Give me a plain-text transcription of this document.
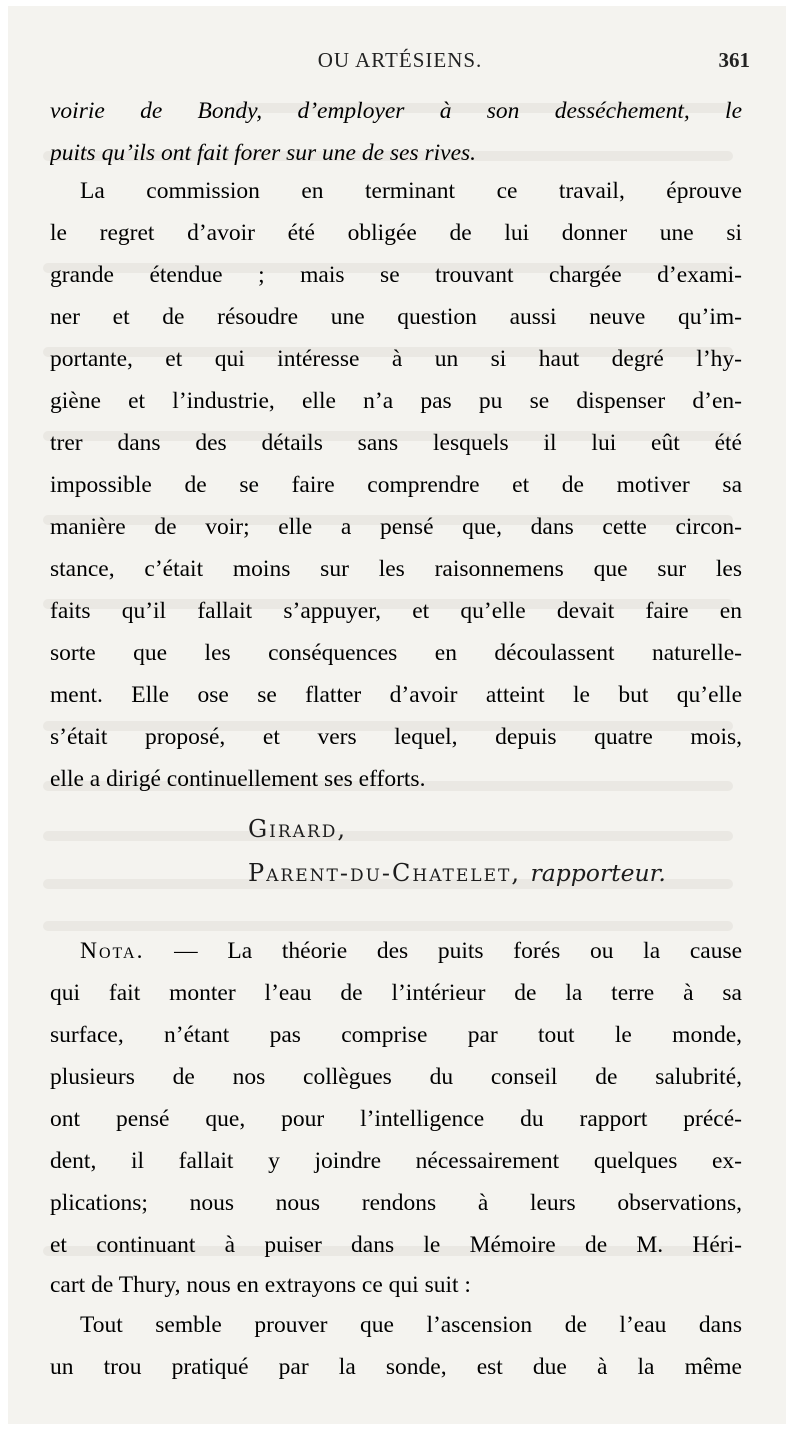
OU ARTÉSIENS.	361
voirie de Bondy, d’employer à son desséchement, le
puits qu’ils ont fait forer sur une de ses rives.
La commission en terminant ce travail, éprouve
le regret d’avoir été obligée de lui donner une si
grande étendue ; mais se trouvant chargée d’exami-
ner et de résoudre une question aussi neuve qu’im-
portante, et qui intéresse à un si haut degré l’hy-
giène et l’industrie, elle n’a pas pu se dispenser d’en-
trer dans des détails sans lesquels il lui eût été
impossible de se faire comprendre et de motiver sa
manière de voir; elle a pensé que, dans cette circon-
stance, c’était moins sur les raisonnemens que sur les
faits qu’il fallait s’appuyer, et qu’elle devait faire en
sorte que les conséquences en découlassent naturelle-
ment. Elle ose se flatter d’avoir atteint le but qu’elle
s’était proposé, et vers lequel, depuis quatre mois,
elle a dirigé continuellement ses efforts.
Girard,
Parent-du-Chatelet, rapporteur.
Nota. — La théorie des puits forés ou la cause
qui fait monter l’eau de l’intérieur de la terre à sa
surface, n’étant pas comprise par tout le monde,
plusieurs de nos collègues du conseil de salubrité,
ont pensé que, pour l’intelligence du rapport précé-
dent, il fallait y joindre nécessairement quelques ex-
plications; nous nous rendons à leurs observations,
et continuant à puiser dans le Mémoire de M. Héri-
cart de Thury, nous en extrayons ce qui suit :
Tout semble prouver que l’ascension de l’eau dans
un trou pratiqué par la sonde, est due à la même
